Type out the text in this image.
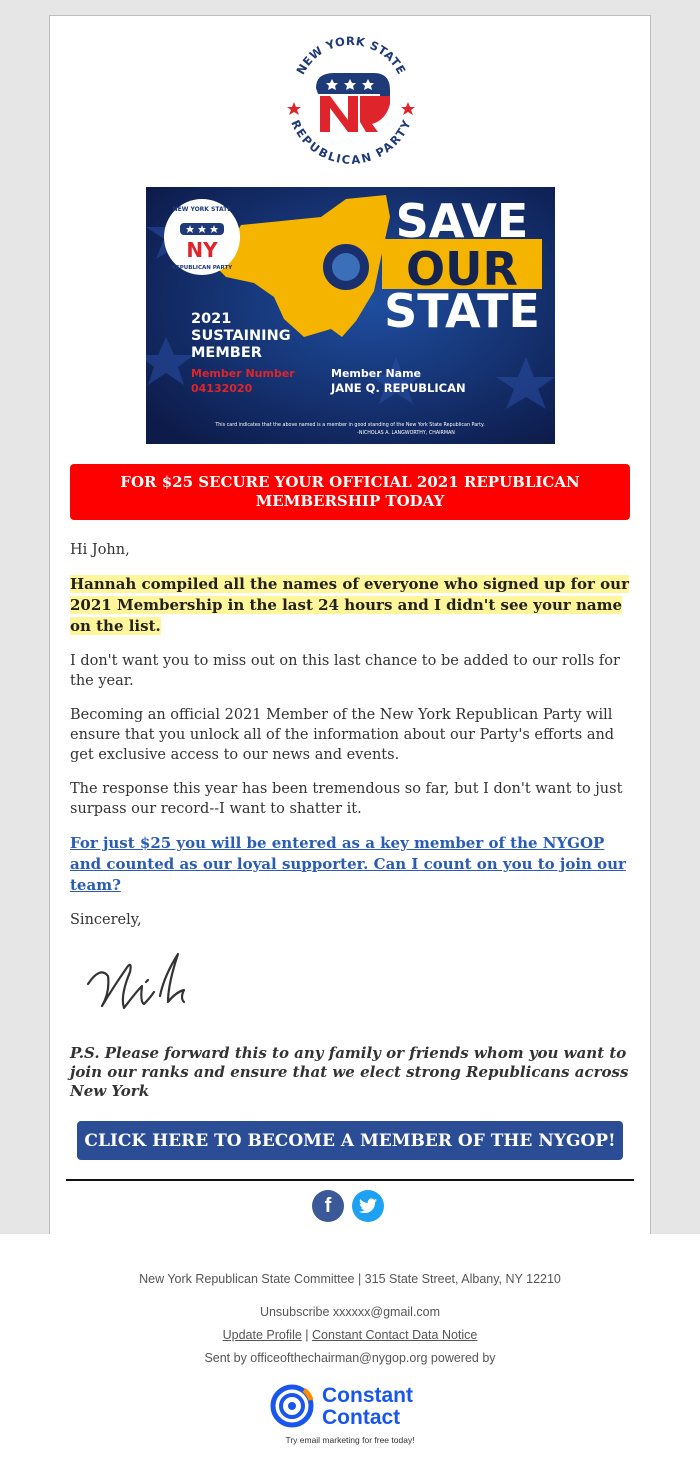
NEW YORK STATE
REPUBLICAN PARTY
SAVE
OUR
STATE
NY
NEW YORK STATE
REPUBLICAN PARTY
2021
SUSTAINING
MEMBER
Member Number
04132020
Member Name
JANE Q. REPUBLICAN
This card indicates that the above named is a member in good standing of the New York State Republican Party.
-NICHOLAS A. LANGWORTHY, CHAIRMAN
FOR $25 SECURE YOUR OFFICIAL 2021 REPUBLICAN MEMBERSHIP TODAY

Hi John,

Hannah compiled all the names of everyone who signed up for our 2021 Membership in the last 24 hours and I didn't see your name on the list.

I don't want you to miss out on this last chance to be added to our rolls for the year.

Becoming an official 2021 Member of the New York Republican Party will ensure that you unlock all of the information about our Party's efforts and get exclusive access to our news and events.

The response this year has been tremendous so far, but I don't want to just surpass our record--I want to shatter it.

For just $25 you will be entered as a key member of the NYGOP and counted as our loyal supporter. Can I count on you to join our team?

Sincerely,

P.S. Please forward this to any family or friends whom you want to join our ranks and ensure that we elect strong Republicans across New York
CLICK HERE TO BECOME A MEMBER OF THE NYGOP!
f
New York Republican State Committee | 315 State Street, Albany, NY 12210
Unsubscribe xxxxxx@gmail.com
Update Profile | Constant Contact Data Notice
Sent by officeofthechairman@nygop.org powered by
Constant
Contact
Try email marketing for free today!
